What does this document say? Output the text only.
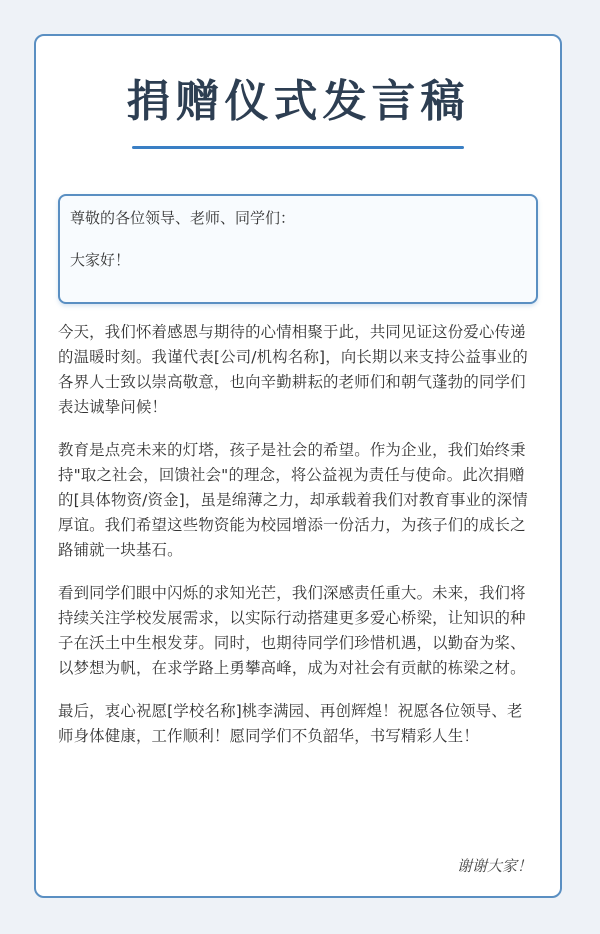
捐赠仪式发言稿

尊敬的各位领导、老师、同学们：

大家好！

今天，我们怀着感恩与期待的心情相聚于此，共同见证这份爱心传递的温暖时刻。我谨代表[公司/机构名称]，向长期以来支持公益事业的各界人士致以崇高敬意，也向辛勤耕耘的老师们和朝气蓬勃的同学们表达诚挚问候！

教育是点亮未来的灯塔，孩子是社会的希望。作为企业，我们始终秉持"取之社会，回馈社会"的理念，将公益视为责任与使命。此次捐赠的[具体物资/资金]，虽是绵薄之力，却承载着我们对教育事业的深情厚谊。我们希望这些物资能为校园增添一份活力，为孩子们的成长之路铺就一块基石。

看到同学们眼中闪烁的求知光芒，我们深感责任重大。未来，我们将持续关注学校发展需求，以实际行动搭建更多爱心桥梁，让知识的种子在沃土中生根发芽。同时，也期待同学们珍惜机遇，以勤奋为桨、以梦想为帆，在求学路上勇攀高峰，成为对社会有贡献的栋梁之材。

最后，衷心祝愿[学校名称]桃李满园、再创辉煌！祝愿各位领导、老师身体健康，工作顺利！愿同学们不负韶华，书写精彩人生！

谢谢大家！
